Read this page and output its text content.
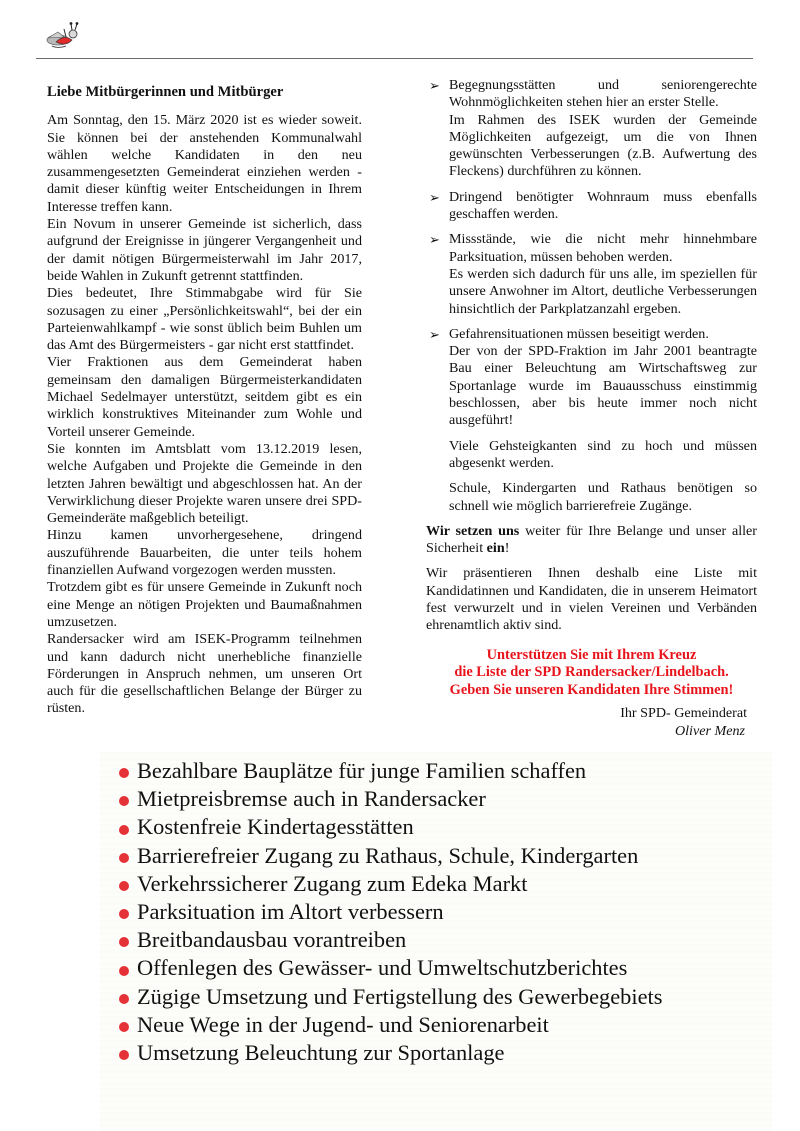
Liebe Mitbürgerinnen und Mitbürger

Am Sonntag, den 15. März 2020 ist es wieder soweit. Sie können bei der anstehenden Kommunalwahl wählen welche Kandidaten in den neu zusammengesetzten Gemeinderat einziehen werden - damit dieser künftig weiter Entscheidungen in Ihrem Interesse treffen kann.

Ein Novum in unserer Gemeinde ist sicherlich, dass aufgrund der Ereignisse in jüngerer Vergangenheit und der damit nötigen Bürgermeisterwahl im Jahr 2017, beide Wahlen in Zukunft getrennt stattfinden.

Dies bedeutet, Ihre Stimmabgabe wird für Sie sozusagen zu einer „Persönlichkeitswahl“, bei der ein Parteienwahlkampf - wie sonst üblich beim Buhlen um das Amt des Bürgermeisters - gar nicht erst stattfindet.

Vier Fraktionen aus dem Gemeinderat haben gemeinsam den damaligen Bürgermeisterkandidaten Michael Sedelmayer unterstützt, seitdem gibt es ein wirklich konstruktives Miteinander zum Wohle und Vorteil unserer Gemeinde.

Sie konnten im Amtsblatt vom 13.12.2019 lesen, welche Aufgaben und Projekte die Gemeinde in den letzten Jahren bewältigt und abgeschlossen hat. An der Verwirklichung dieser Projekte waren unsere drei SPD-Gemeinderäte maßgeblich beteiligt.

Hinzu kamen unvorhergesehene, dringend auszuführende Bauarbeiten, die unter teils hohem finanziellen Aufwand vorgezogen werden mussten.

Trotzdem gibt es für unsere Gemeinde in Zukunft noch eine Menge an nötigen Projekten und Baumaßnahmen umzusetzen.

Randersacker wird am ISEK-Programm teilnehmen und kann dadurch nicht unerhebliche finanzielle Förderungen in Anspruch nehmen, um unseren Ort auch für die gesellschaftlichen Belange der Bürger zu rüsten.

➢ Begegnungsstätten und seniorengerechte Wohnmöglichkeiten stehen hier an erster Stelle.

Im Rahmen des ISEK wurden der Gemeinde Möglichkeiten aufgezeigt, um die von Ihnen gewünschten Verbesserungen (z.B. Aufwertung des Fleckens) durchführen zu können.

➢ Dringend benötigter Wohnraum muss ebenfalls geschaffen werden.

➢ Missstände, wie die nicht mehr hinnehmbare Parksituation, müssen behoben werden.

Es werden sich dadurch für uns alle, im speziellen für unsere Anwohner im Altort, deutliche Verbesserungen hinsichtlich der Parkplatzanzahl ergeben.

➢ Gefahrensituationen müssen beseitigt werden.

Der von der SPD-Fraktion im Jahr 2001 beantragte Bau einer Beleuchtung am Wirtschaftsweg zur Sportanlage wurde im Bauausschuss einstimmig beschlossen, aber bis heute immer noch nicht ausgeführt!

Viele Gehsteigkanten sind zu hoch und müssen abgesenkt werden.

Schule, Kindergarten und Rathaus benötigen so schnell wie möglich barrierefreie Zugänge.

Wir setzen uns weiter für Ihre Belange und unser aller Sicherheit ein!

Wir präsentieren Ihnen deshalb eine Liste mit Kandidatinnen und Kandidaten, die in unserem Heimatort fest verwurzelt und in vielen Vereinen und Verbänden ehrenamtlich aktiv sind.

Unterstützen Sie mit Ihrem Kreuz
die Liste der SPD Randersacker/Lindelbach.
Geben Sie unseren Kandidaten Ihre Stimmen!
Ihr SPD- Gemeinderat
Oliver Menz
Bezahlbare Bauplätze für junge Familien schaffen
Mietpreisbremse auch in Randersacker
Kostenfreie Kindertagesstätten
Barrierefreier Zugang zu Rathaus, Schule, Kindergarten
Verkehrssicherer Zugang zum Edeka Markt
Parksituation im Altort verbessern
Breitbandausbau vorantreiben
Offenlegen des Gewässer- und Umweltschutzberichtes
Zügige Umsetzung und Fertigstellung des Gewerbegebiets
Neue Wege in der Jugend- und Seniorenarbeit
Umsetzung Beleuchtung zur Sportanlage
